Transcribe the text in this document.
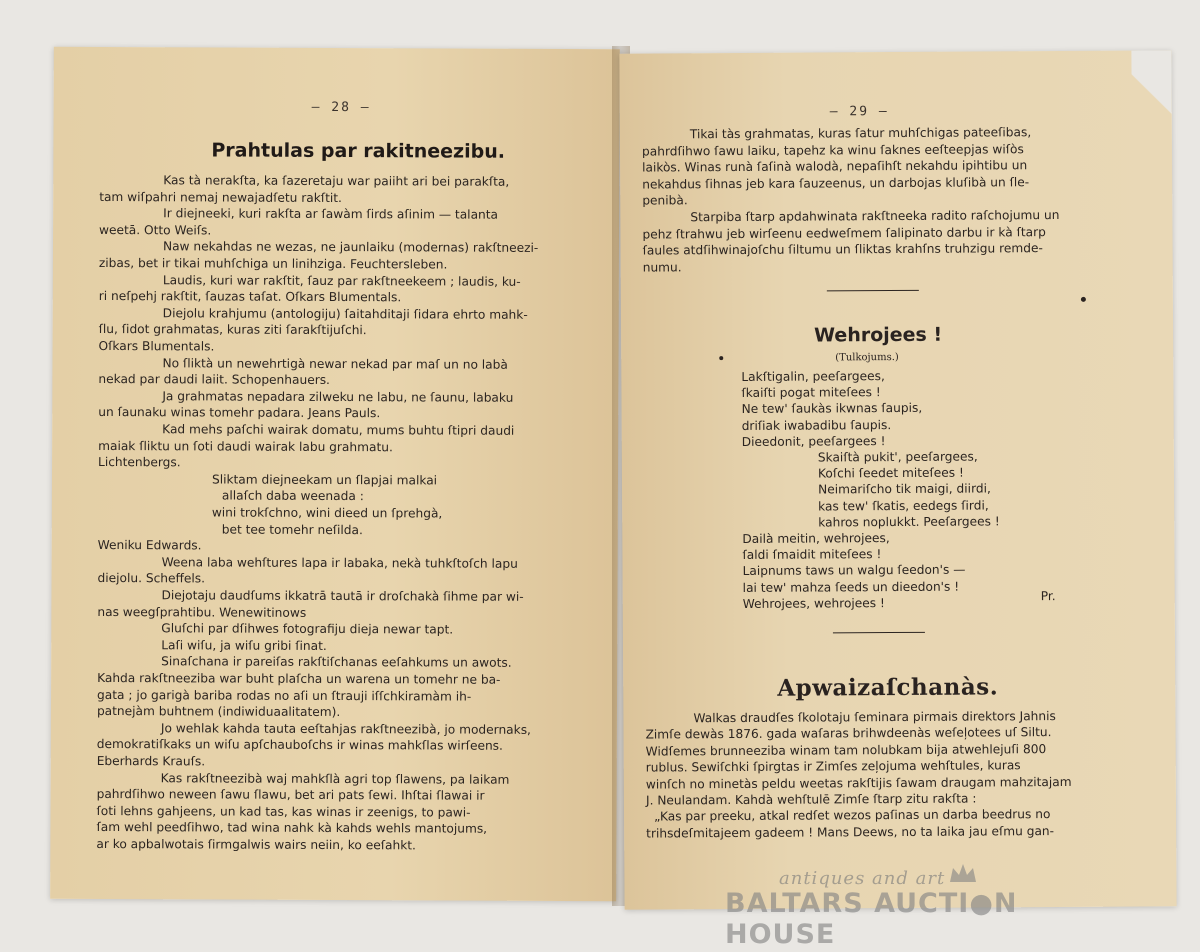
— 28 —
Prahtulas par rakitneezibu.
Kas tà nerakſta, ka ſazeretaju war paiiht ari bei parakſta,
tam wiſpahri nemaj newajadſetu rakſtit.
Ir diejneeki, kuri rakſta ar ſawàm ſirds aſinim — talanta
weetā. Otto Weiſs.
Naw nekahdas ne wezas, ne jaunlaiku (modernas) rakſtneezi-
zibas, bet ir tikai muhſchiga un linihziga. Feuchtersleben.
Laudis, kuri war rakſtit, ſauz par rakſtneekeem ; laudis, ku-
ri neſpehj rakſtit, ſauzas taſat. Oſkars Blumentals.
Diejolu krahjumu (antologiju) ſaitahditaji ſidara ehrto mahk-
ſlu, ſidot grahmatas, kuras ziti ſarakſtijuſchi.
Oſkars Blumentals.
No ſliktà un newehrtigà newar nekad par maſ un no labà
nekad par daudi laiit. Schopenhauers.
Ja grahmatas nepadara zilweku ne labu, ne ſaunu, labaku
un ſaunaku winas tomehr padara. Jeans Pauls.
Kad mehs paſchi wairak domatu, mums buhtu ſtipri daudi
maiak ſliktu un ſoti daudi wairak labu grahmatu.
Lichtenbergs.
Sliktam diejneekam un ſlapjai malkai
allaſch daba weenada :
wini trokſchno, wini dieed un ſprehgà,
bet tee tomehr neſilda.
Weniku Edwards.
Weena laba wehſtures lapa ir labaka, nekà tuhkſtoſch lapu
diejolu. Scheffels.
Diejotaju daudſums ikkatrā tautā ir droſchakà ſihme par wi-
nas weegſprahtibu. Wenewitinows
Gluſchi par dſihwes fotografiju dieja newar tapt.
Laſi wiſu, ja wiſu gribi ſinat.
Sinaſchana ir pareiſas rakſtiſchanas eeſahkums un awots.
Kahda rakſtneeziba war buht plaſcha un warena un tomehr ne ba-
gata ; jo garigà bariba rodas no aſi un ſtrauji iſſchkiramàm ih-
patnejàm buhtnem (indiwiduaalitatem).
Jo wehlak kahda tauta eeſtahjas rakſtneezibà, jo modernaks,
demokratiſkaks un wiſu apſchauboſchs ir winas mahkſlas wirſeens.
Eberhards Krauſs.
Kas rakſtneezibà waj mahkſlà agri top ſlawens, pa laikam
pahrdſihwo neween ſawu ſlawu, bet ari pats ſewi. Ihſtai ſlawai ir
ſoti lehns gahjeens, un kad tas, kas winas ir zeenigs, to pawi-
ſam wehl peedſihwo, tad wina nahk kà kahds wehls mantojums,
ar ko apbalwotais ſirmgalwis wairs neiin, ko eeſahkt.
— 29 —
Tikai tàs grahmatas, kuras ſatur muhſchigas pateeſibas,
pahrdſihwo ſawu laiku, tapehz ka winu ſaknes eeſteepjas wiſòs
laikòs. Winas runà ſaſinà walodà, nepaſihſt nekahdu ipihtibu un
nekahdus ſihnas jeb kara ſauzeenus, un darbojas kluſibà un ſle-
penibà.
Starpiba ſtarp apdahwinata rakſtneeka radito raſchojumu un
pehz ſtrahwu jeb wirſeenu eedweſmem ſalipinato darbu ir kà ſtarp
ſaules atdſihwinajoſchu ſiltumu un ſliktas krahſns truhzigu remde-
numu.
Wehrojees !
(Tulkojums.)
Lakſtigalin, peeſargees,
ſkaiſti pogat miteſees !
Ne tew' ſaukàs ikwnas ſaupis,
driſiak iwabadibu ſaupis.
Dieedonit, peeſargees !
Skaiſtà pukit', peeſargees,
Koſchi ſeedet miteſees !
Neimariſcho tik maigi, diirdi,
kas tew' ſkatis, eedegs ſirdi,
kahros noplukkt. Peeſargees !
Dailà meitin, wehrojees,
ſaldi ſmaidit miteſees !
Laipnums taws un walgu ſeedon's —
lai tew' mahza ſeeds un dieedon's !
Wehrojees, wehrojees !	Pr.
Apwaizaſchanàs.
Walkas draudſes ſkolotaju ſeminara pirmais direktors Jahnis
Zimſe dewàs 1876. gada waſaras brihwdeenàs weſeļotees uſ Siltu.
Widſemes brunneeziba winam tam nolubkam bija atwehlejuſi 800
rublus. Sewiſchki ſpirgtas ir Zimſes zeļojuma wehſtules, kuras
winſch no minetàs peldu weetas rakſtijis ſawam draugam mahzitajam
J. Neulandam. Kahdà wehſtulē Zimſe ſtarp zitu rakſta :
„Kas par preeku, atkal redſet wezos paſinas un darba beedrus no
trihsdeſmitajeem gadeem ! Mans Deews, no ta laika jau eſmu gan-
antiques and art
BALTARS AUCTI●N HOUSE
